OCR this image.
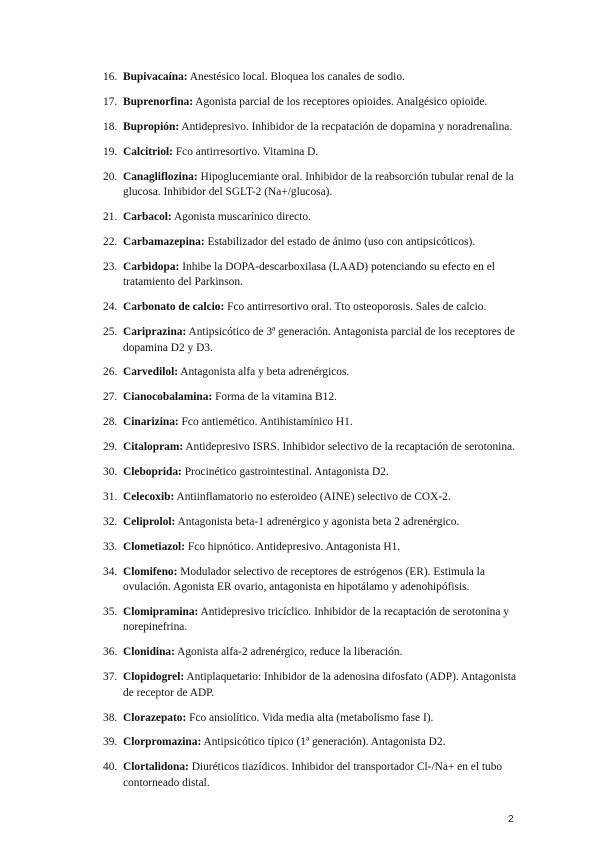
16. Bupivacaína: Anestésico local. Bloquea los canales de sodio.
17. Buprenorfina: Agonista parcial de los receptores opioides. Analgésico opioide.
18. Bupropión: Antidepresivo. Inhibidor de la recpatación de dopamina y noradrenalina.
19. Calcitriol: Fco antirresortivo. Vitamina D.
20. Canagliflozina: Hipoglucemiante oral. Inhibidor de la reabsorción tubular renal de la glucosa. Inhibidor del SGLT-2 (Na+/glucosa).
21. Carbacol: Agonista muscarínico directo.
22. Carbamazepina: Estabilizador del estado de ánimo (uso con antipsicóticos).
23. Carbidopa: Inhibe la DOPA-descarboxilasa (LAAD) potenciando su efecto en el tratamiento del Parkinson.
24. Carbonato de calcio: Fco antirresortivo oral. Tto osteoporosis. Sales de calcio.
25. Cariprazina: Antipsicótico de 3ª generación. Antagonista parcial de los receptores de dopamina D2 y D3.
26. Carvedilol: Antagonista alfa y beta adrenérgicos.
27. Cianocobalamina: Forma de la vitamina B12.
28. Cinarizina: Fco antiemético. Antihistamínico H1.
29. Citalopram: Antidepresivo ISRS. Inhibidor selectivo de la recaptación de serotonina.
30. Cleboprida: Procinético gastrointestinal. Antagonista D2.
31. Celecoxib: Antiinflamatorio no esteroideo (AINE) selectivo de COX-2.
32. Celiprolol: Antagonista beta-1 adrenérgico y agonista beta 2 adrenérgico.
33. Clometiazol: Fco hipnótico. Antidepresivo. Antagonista H1.
34. Clomifeno: Modulador selectivo de receptores de estrógenos (ER). Estimula la ovulación. Agonista ER ovario, antagonista en hipotálamo y adenohipófisis.
35. Clomipramina: Antidepresivo tricíclico. Inhibidor de la recaptación de serotonina y norepinefrina.
36. Clonidina: Agonista alfa-2 adrenérgico, reduce la liberación.
37. Clopidogrel: Antiplaquetario: Inhibidor de la adenosina difosfato (ADP). Antagonista de receptor de ADP.
38. Clorazepato: Fco ansiolítico. Vida media alta (metabolismo fase I).
39. Clorpromazina: Antipsicótico típico (1ª generación). Antagonista D2.
40. Clortalidona: Diuréticos tiazídicos. Inhibidor del transportador Cl-/Na+ en el tubo contorneado distal.
2
